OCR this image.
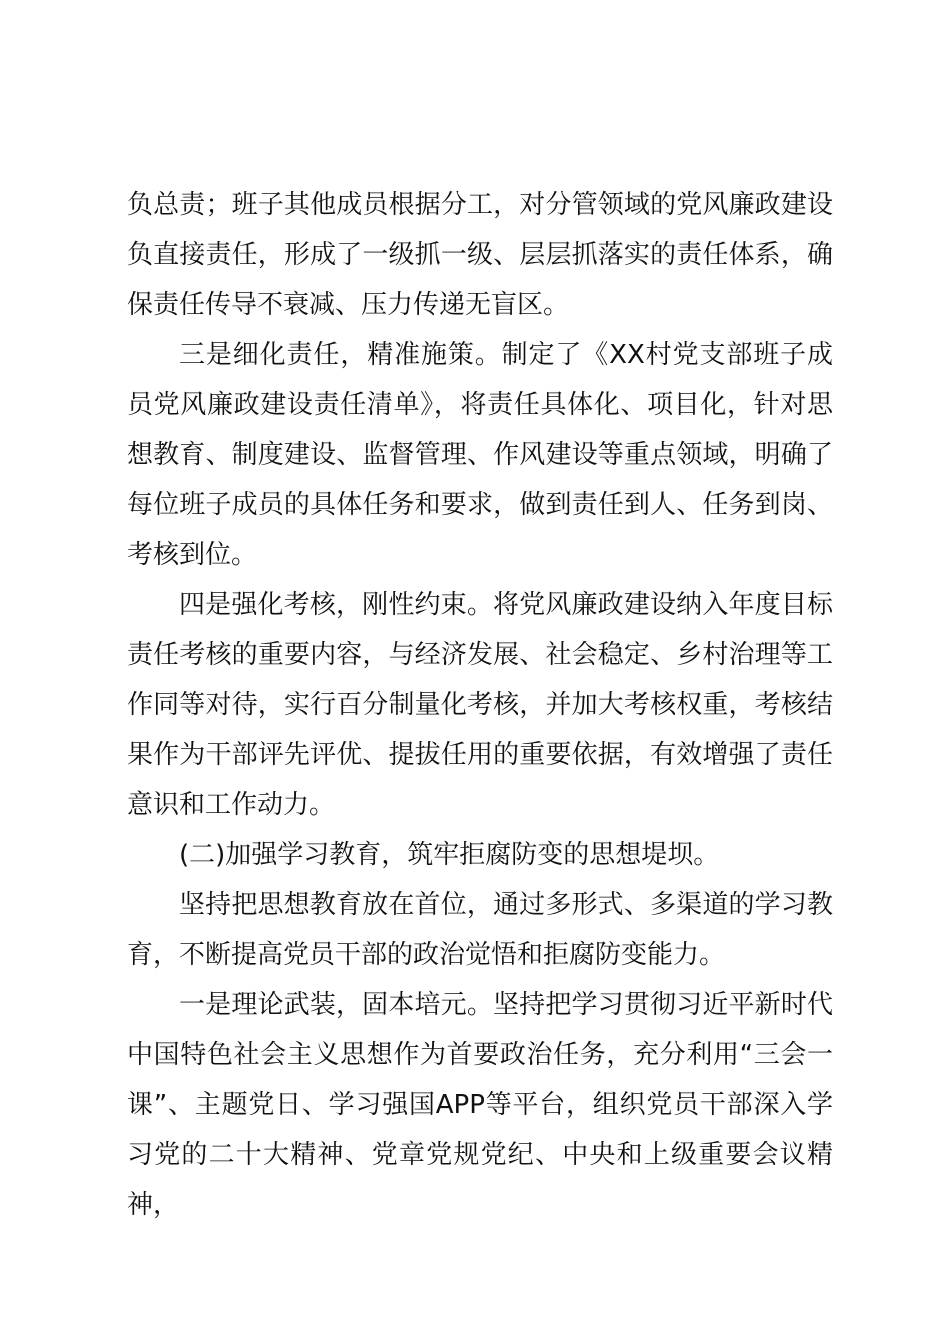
负总责；班子其他成员根据分工，对分管领域的党风廉政建设负直接责任，形成了一级抓一级、层层抓落实的责任体系，确保责任传导不衰减、压力传递无盲区。

三是细化责任，精准施策。制定了《XX村党支部班子成员党风廉政建设责任清单》，将责任具体化、项目化，针对思想教育、制度建设、监督管理、作风建设等重点领域，明确了每位班子成员的具体任务和要求，做到责任到人、任务到岗、考核到位。

四是强化考核，刚性约束。将党风廉政建设纳入年度目标责任考核的重要内容，与经济发展、社会稳定、乡村治理等工作同等对待，实行百分制量化考核，并加大考核权重，考核结果作为干部评先评优、提拔任用的重要依据，有效增强了责任意识和工作动力。

(二)加强学习教育，筑牢拒腐防变的思想堤坝。

坚持把思想教育放在首位，通过多形式、多渠道的学习教育，不断提高党员干部的政治觉悟和拒腐防变能力。

一是理论武装，固本培元。坚持把学习贯彻习近平新时代中国特色社会主义思想作为首要政治任务，充分利用“三会一课”、主题党日、学习强国APP等平台，组织党员干部深入学习党的二十大精神、党章党规党纪、中央和上级重要会议精神，
